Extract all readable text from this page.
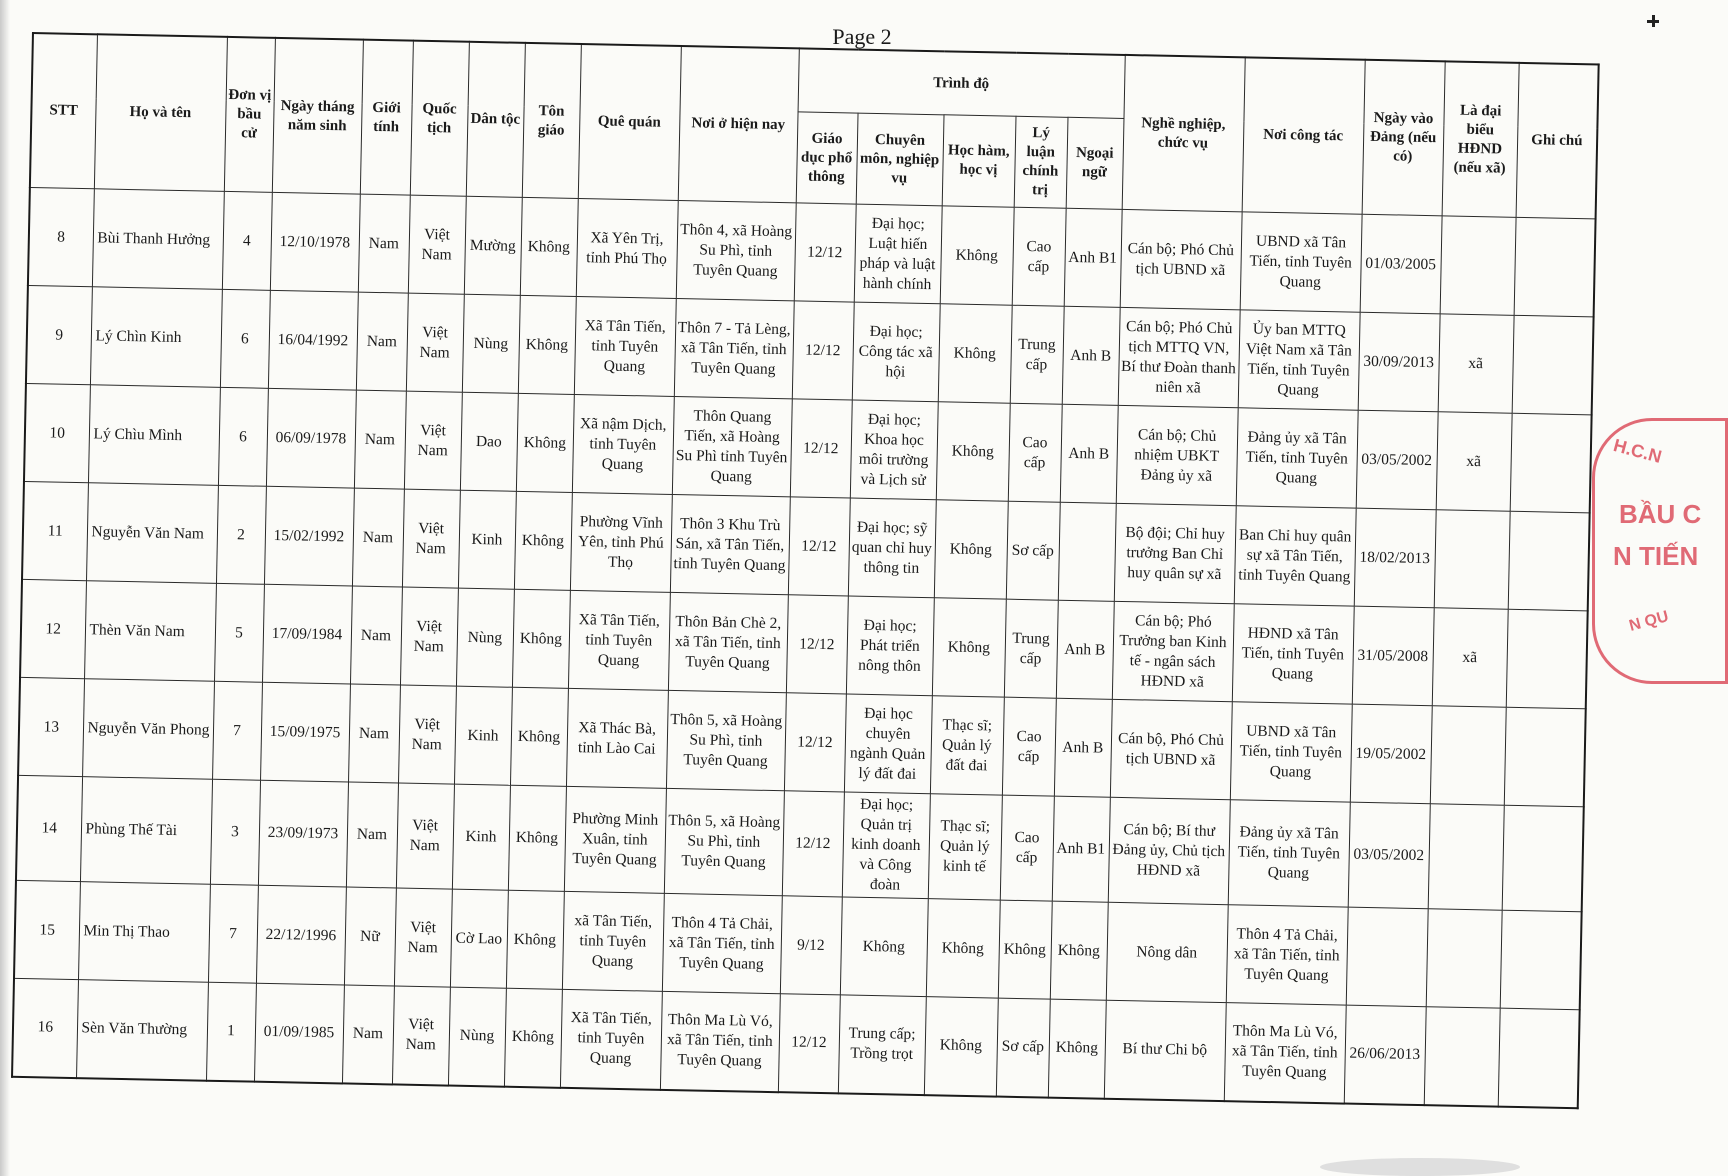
Page 2
STT	Họ và tên	Đơn vị bầu cử	Ngày tháng năm sinh	Giới tính	Quốc tịch	Dân tộc	Tôn giáo	Quê quán	Nơi ở hiện nay	Trình độ					Nghề nghiệp, chức vụ	Nơi công tác	Ngày vào Đảng (nếu có)	Là đại biểu HĐND (nếu xã)	Ghi chú
										Giáo dục phổ thông	Chuyên môn, nghiệp vụ	Học hàm, học vị	Lý luận chính trị	Ngoại ngữ					
8	Bùi Thanh Hưởng	4	12/10/1978	Nam	Việt Nam	Mường	Không	Xã Yên Trị, tỉnh Phú Thọ	Thôn 4, xã Hoàng Su Phì, tỉnh Tuyên Quang	12/12	Đại học; Luật hiến pháp và luật hành chính	Không	Cao cấp	Anh B1	Cán bộ; Phó Chủ tịch UBND xã	UBND xã Tân Tiến, tỉnh Tuyên Quang	01/03/2005		
9	Lý Chìn Kinh	6	16/04/1992	Nam	Việt Nam	Nùng	Không	Xã Tân Tiến, tỉnh Tuyên Quang	Thôn 7 - Tả Lèng, xã Tân Tiến, tỉnh Tuyên Quang	12/12	Đại học; Công tác xã hội	Không	Trung cấp	Anh B	Cán bộ; Phó Chủ tịch MTTQ VN, Bí thư Đoàn thanh niên xã	Ủy ban MTTQ Việt Nam xã Tân Tiến, tỉnh Tuyên Quang	30/09/2013	xã	
10	Lý Chìu Mình	6	06/09/1978	Nam	Việt Nam	Dao	Không	Xã nậm Dịch, tỉnh Tuyên Quang	Thôn Quang Tiến, xã Hoàng Su Phì tỉnh Tuyên Quang	12/12	Đại học; Khoa học môi trường và Lịch sử	Không	Cao cấp	Anh B	Cán bộ; Chủ nhiệm UBKT Đảng ủy xã	Đảng ủy xã Tân Tiến, tỉnh Tuyên Quang	03/05/2002	xã	
11	Nguyễn Văn Nam	2	15/02/1992	Nam	Việt Nam	Kinh	Không	Phường Vĩnh Yên, tỉnh Phú Thọ	Thôn 3 Khu Trù Sán, xã Tân Tiến, tỉnh Tuyên Quang	12/12	Đại học; sỹ quan chỉ huy thông tin	Không	Sơ cấp		Bộ đội; Chỉ huy trưởng Ban Chỉ huy quân sự xã	Ban Chỉ huy quân sự xã Tân Tiến, tỉnh Tuyên Quang	18/02/2013		
12	Thèn Văn Nam	5	17/09/1984	Nam	Việt Nam	Nùng	Không	Xã Tân Tiến, tỉnh Tuyên Quang	Thôn Bản Chè 2, xã Tân Tiến, tỉnh Tuyên Quang	12/12	Đại học; Phát triển nông thôn	Không	Trung cấp	Anh B	Cán bộ; Phó Trưởng ban Kinh tế - ngân sách HĐND xã	HĐND xã Tân Tiến, tỉnh Tuyên Quang	31/05/2008	xã	
13	Nguyễn Văn Phong	7	15/09/1975	Nam	Việt Nam	Kinh	Không	Xã Thác Bà, tỉnh Lào Cai	Thôn 5, xã Hoàng Su Phì, tỉnh Tuyên Quang	12/12	Đại học chuyên ngành Quản lý đất đai	Thạc sĩ; Quản lý đất đai	Cao cấp	Anh B	Cán bộ, Phó Chủ tịch UBND xã	UBND xã Tân Tiến, tỉnh Tuyên Quang	19/05/2002		
14	Phùng Thế Tài	3	23/09/1973	Nam	Việt Nam	Kinh	Không	Phường Minh Xuân, tỉnh Tuyên Quang	Thôn 5, xã Hoàng Su Phì, tỉnh Tuyên Quang	12/12	Đại học; Quản trị kinh doanh và Công đoàn	Thạc sĩ; Quản lý kinh tế	Cao cấp	Anh B1	Cán bộ; Bí thư Đảng ủy, Chủ tịch HĐND xã	Đảng ủy xã Tân Tiến, tỉnh Tuyên Quang	03/05/2002		
15	Min Thị Thao	7	22/12/1996	Nữ	Việt Nam	Cờ Lao	Không	xã Tân Tiến, tỉnh Tuyên Quang	Thôn 4 Tả Chải, xã Tân Tiến, tỉnh Tuyên Quang	9/12	Không	Không	Không	Không	Nông dân	Thôn 4 Tả Chải, xã Tân Tiến, tỉnh Tuyên Quang			
16	Sèn Văn Thường	1	01/09/1985	Nam	Việt Nam	Nùng	Không	Xã Tân Tiến, tỉnh Tuyên Quang	Thôn Ma Lù Vó, xã Tân Tiến, tỉnh Tuyên Quang	12/12	Trung cấp; Trồng trọt	Không	Sơ cấp	Không	Bí thư Chi bộ	Thôn Ma Lù Vó, xã Tân Tiến, tỉnh Tuyên Quang	26/06/2013		
H.C.N
BẦU C
N TIẾN
N QU
